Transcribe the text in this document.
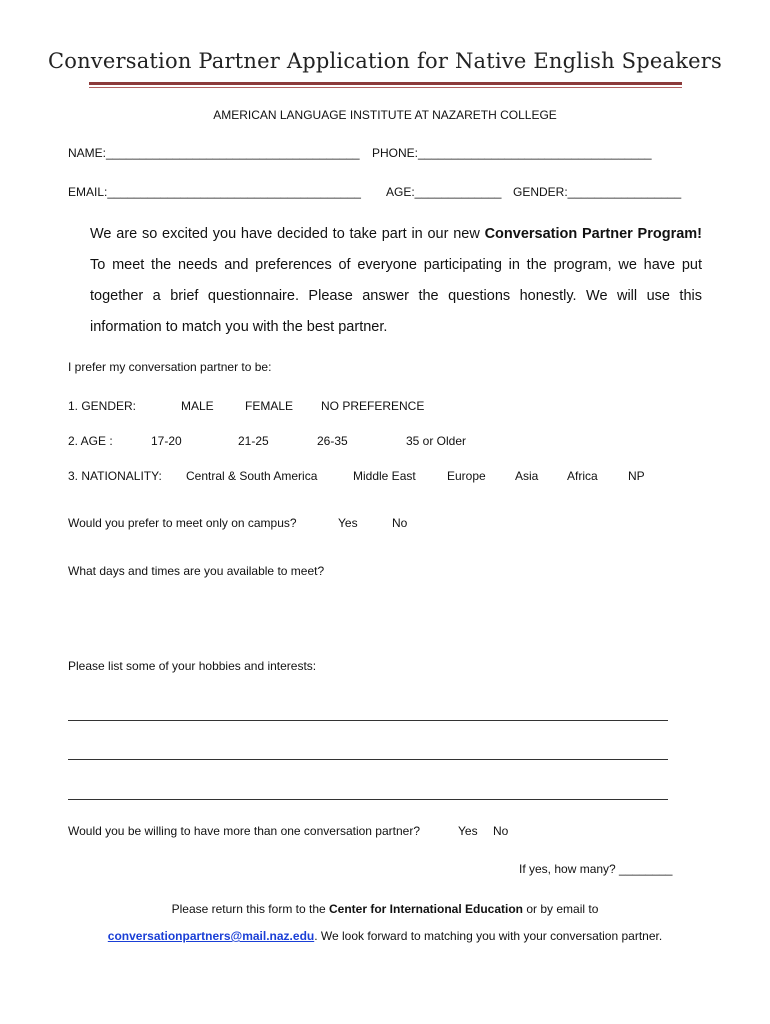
Conversation Partner Application for Native English Speakers
AMERICAN LANGUAGE INSTITUTE AT NAZARETH COLLEGE
NAME:______________________________________ PHONE:___________________________________
EMAIL:______________________________________ AGE:_____________ GENDER:_________________
We are so excited you have decided to take part in our new Conversation Partner Program! To meet the needs and preferences of everyone participating in the program, we have put together a brief questionnaire. Please answer the questions honestly. We will use this information to match you with the best partner.
I prefer my conversation partner to be:
1. GENDER:	MALE	FEMALE NO PREFERENCE
2. AGE :	17-20	21-25	26-35	35 or Older
3. NATIONALITY: Central & South America	Middle East	Europe Asia Africa	NP
Would you prefer to meet only on campus?	Yes	No
What days and times are you available to meet?
Please list some of your hobbies and interests:
Would you be willing to have more than one conversation partner?	Yes No
If yes, how many? ________
Please return this form to the Center for International Education or by email to
conversationpartners@mail.naz.edu. We look forward to matching you with your conversation partner.
